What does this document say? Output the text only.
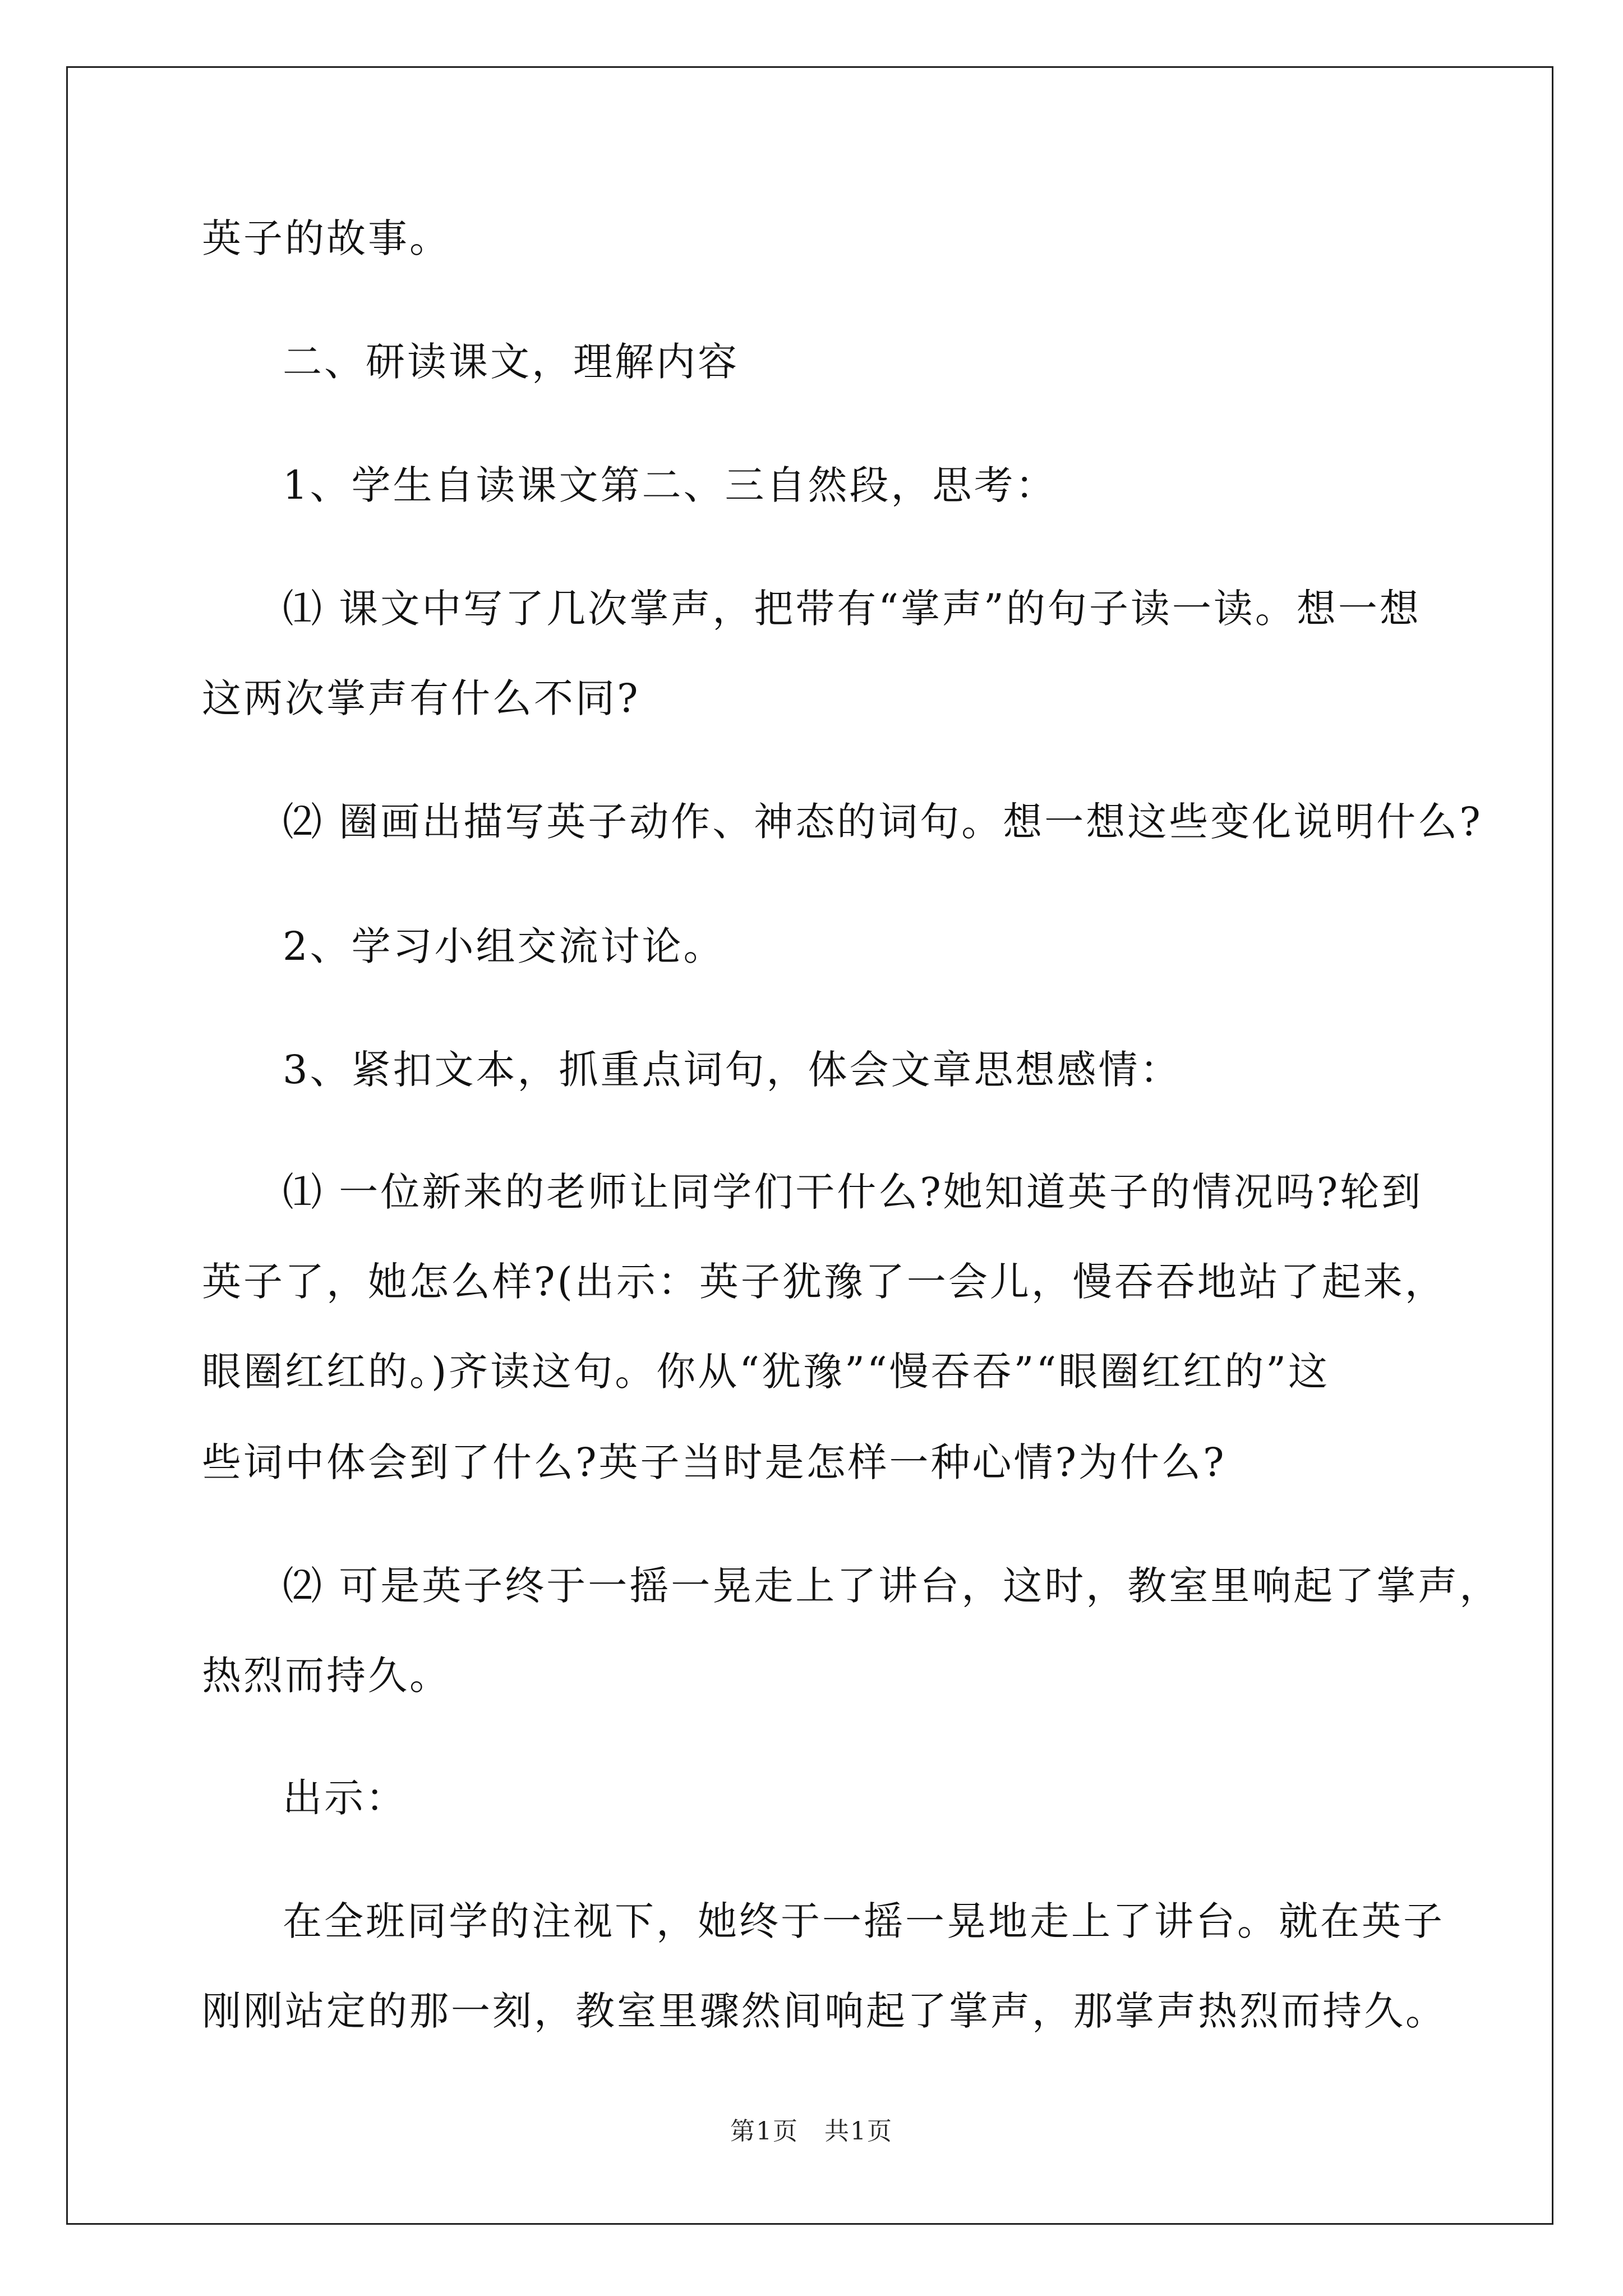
英子的故事。
二、研读课文，理解内容
1、学生自读课文第二、三自然段，思考：
⑴ 课文中写了几次掌声，把带有“掌声”的句子读一读。想一想
这两次掌声有什么不同?
⑵ 圈画出描写英子动作、神态的词句。想一想这些变化说明什么?
2、学习小组交流讨论。
3、紧扣文本，抓重点词句，体会文章思想感情：
⑴ 一位新来的老师让同学们干什么?她知道英子的情况吗?轮到
英子了，她怎么样?(出示：英子犹豫了一会儿，慢吞吞地站了起来，
眼圈红红的。)齐读这句。你从“犹豫”“慢吞吞”“眼圈红红的”这
些词中体会到了什么?英子当时是怎样一种心情?为什么?
⑵ 可是英子终于一摇一晃走上了讲台，这时，教室里响起了掌声，
热烈而持久。
出示：
在全班同学的注视下，她终于一摇一晃地走上了讲台。就在英子
刚刚站定的那一刻，教室里骤然间响起了掌声，那掌声热烈而持久。
第1页　共1页
